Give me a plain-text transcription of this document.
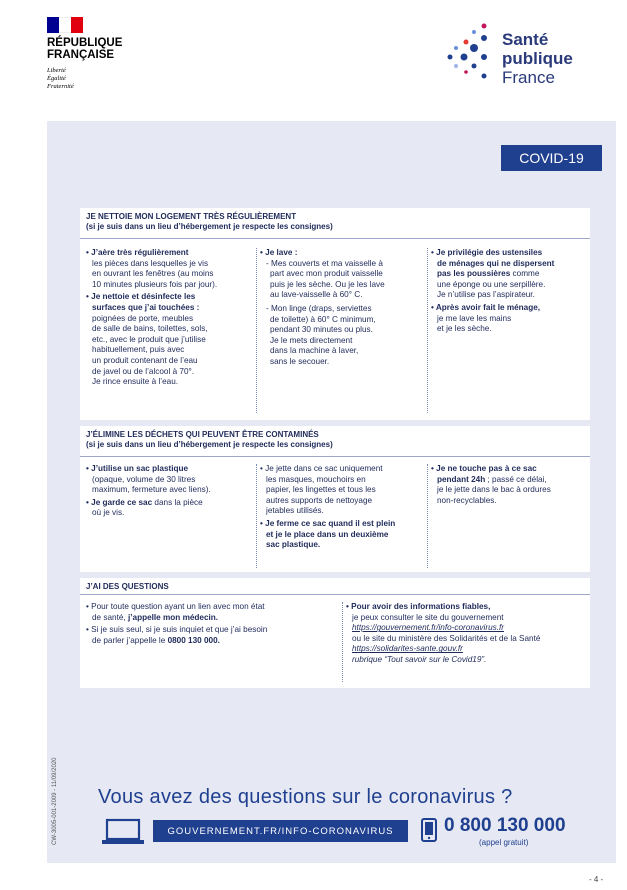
RÉPUBLIQUE
FRANÇAISE
Liberté
Égalité
Fraternité
Santé
publique
France
COVID-19
JE NETTOIE MON LOGEMENT TRÈS RÉGULIÈREMENT
(si je suis dans un lieu d’hébergement je respecte les consignes)

• J’aère très régulièrement
les pièces dans lesquelles je vis
en ouvrant les fenêtres (au moins
10 minutes plusieurs fois par jour).

• Je nettoie et désinfecte les
surfaces que j’ai touchées :
poignées de porte, meubles
de salle de bains, toilettes, sols,
etc., avec le produit que j’utilise
habituellement, puis avec
un produit contenant de l’eau
de javel ou de l’alcool à 70°.
Je rince ensuite à l’eau.

• Je lave :
- Mes couverts et ma vaisselle à
part avec mon produit vaisselle
puis je les sèche. Ou je les lave
au lave-vaisselle à 60° C.
- Mon linge (draps, serviettes
de toilette) à 60° C minimum,
pendant 30 minutes ou plus.
Je le mets directement
dans la machine à laver,
sans le secouer.

• Je privilégie des ustensiles
de ménages qui ne dispersent
pas les poussières comme
une éponge ou une serpillère.
Je n’utilise pas l’aspirateur.

• Après avoir fait le ménage,
je me lave les mains
et je les sèche.

J’ÉLIMINE LES DÉCHETS QUI PEUVENT ÊTRE CONTAMINÉS
(si je suis dans un lieu d’hébergement je respecte les consignes)

• J’utilise un sac plastique
(opaque, volume de 30 litres
maximum, fermeture avec liens).

• Je garde ce sac dans la pièce
où je vis.

• Je jette dans ce sac uniquement
les masques, mouchoirs en
papier, les lingettes et tous les
autres supports de nettoyage
jetables utilisés.

• Je ferme ce sac quand il est plein
et je le place dans un deuxième
sac plastique.

• Je ne touche pas à ce sac
pendant 24h ; passé ce délai,
je le jette dans le bac à ordures
non-recyclables.

J’AI DES QUESTIONS

• Pour toute question ayant un lien avec mon état
de santé, j’appelle mon médecin.

• Si je suis seul, si je suis inquiet et que j’ai besoin
de parler j’appelle le 0800 130 000.

• Pour avoir des informations fiables,
je peux consulter le site du gouvernement
https://gouvernement.fr/info-coronavirus.fr
ou le site du ministère des Solidarités et de la Santé
https://solidarites-sante.gouv.fr
rubrique “Tout savoir sur le Covid19”.

CW-3005-001-2009 - 11/09/2020 Vous avez des questions sur le coronavirus ?
GOUVERNEMENT.FR/INFO-CORONAVIRUS	0 800 130 000
(appel gratuit)
- 4 -
